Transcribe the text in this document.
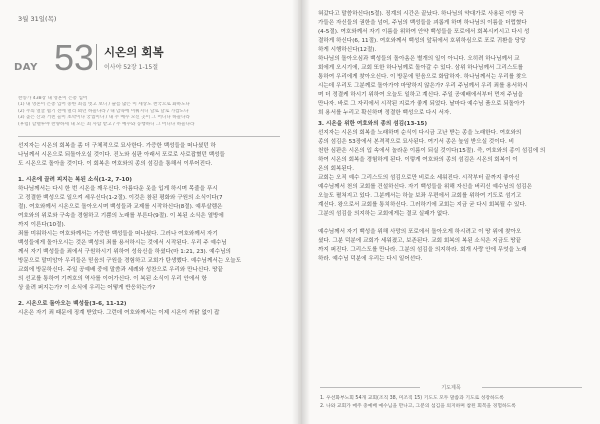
3월 31일(목)
DAY 53 시온의 회복
이사야 52장 1-15절
찬송가 438장 내 영혼이 은총 입어
(1) 내 영혼이 은총 입어 중한 죄짐 벗고 보니 / 슬픔 많은 이 세상도 천국으로 화하도다
(2) 주의 얼굴 뵙기 전에 멀리 뵈던 하늘나라 / 내 맘속에 이뤄지니 날로 날로 가깝도다
(3) 높은 산과 거친 들이 초막이나 궁궐이나 / 내 주 예수 모신 곳이 그 어디나 하늘나라
(후렴) 할렐루야 찬양하세 내 모든 죄 사함 받고 / 주 예수와 동행하니 그 어디나 하늘나라
선지자는 시온의 회복을 좀 더 구체적으로 묘사한다. 가증한 백성들을 떠나셨던 하
나님께서 시온으로 되돌아오실 것이다. 진노와 심판 아래서 포로로 사로잡혔던 백성들
도 시온으로 돌아올 것이다. 이 회복은 여호와의 종의 섬김을 통해서 이루어진다.
1. 시온에 끌려 피지는 복된 소식(1-2, 7-10)
하나님께서는 다시 한 번 시온을 깨우신다. 아름다운 옷을 입게 하시며 목줄을 푸시
고 정결한 백성으로 일으켜 세우신다(1-2절). 이것은 참된 평화와 구원의 소식이다(7
절). 여호와께서 시온으로 돌아오시며 백성들과 교제를 시작하신다(8절). 예루살렘은
여호와의 위로와 구속을 경험하고 기쁨의 노래를 부른다(9절). 이 복된 소식은 열방에
까지 이른다(10절).
죄를 미워하시는 여호와께서는 가증한 백성들을 떠나셨다. 그러나 여호와께서 자기
백성들에게 돌아오시는 것은 백성의 죄를 용서하시는 것에서 시작된다. 우리 주 예수님
께서 자기 백성들을 죄에서 구원하시기 위하여 성육신을 하셨다(마 1:21, 23). 예수님의
방문으로 말미암아 우리들은 믿음의 구원을 경험하고 교회가 탄생했다. 예수님께서는 오늘도
교회에 방문하신다. 주일 공예배 중에 말씀과 세례와 성찬으로 우리와 만나신다. 땅끝
의 선교를 통하여 기꺼호의 역사를 이어가신다. 이 복된 소식이 우리 안에서 항
상 울려 퍼지는가? 이 소식에 우리는 어떻게 반응하는가?
2. 시온으로 돌아오는 백성들(3-6, 11-12)
시온은 자기 죄 때문에 징계 받았다. 그런데 여호와께서는 이제 시온이 까닭 없이 잡
혀갔다고 말씀하신다(5절). 징계의 시간은 끝났다. 하나님의 약대가로 사용된 이방 국
가들은 자신들의 권한을 넘어, 주님의 백성들을 괴롭게 하며 하나님의 이름을 더럽혔다
(4-5절). 여호와께서 자기 이름을 위하여 안약 백성들을 포로에서 회복시키시고 다시 성
결하게 하신다(6, 11절). 여호와께서 백성의 앞뒤에서 호위하심으로 포로 귀환을 당당
하게 시행하신다(12절).
하나님의 돌아오심과 백성들의 돌아옴은 별개의 일이 아니다. 오히려 하나님께서 교
회에게 오시기에, 교회 또한 하나님께로 돌아갈 수 있다. 삼위 하나님께서 그리스도를
통하여 우리에게 찾아오신다. 이 방문에 믿음으로 화답하자. 하나님께서는 우리를 찾으
시는데 우리도 그분께로 돌아가야 마땅하지 않은가? 우리 주님께서 우리 죄를 용서하시
며 더 정결케 하시기 위하여 오늘도 일하고 계신다. 주일 공예배에서부터 먼저 주님을
만나자. 바로 그 자리에서 시작된 지료가 좋게 되었다. 날마다 예수님 품으로 되돌아가
희 용서를 누리고 확신하며 정결한 백성으로 다시 서자.
3. 시온을 위한 여호와의 종의 섬김(13-15)
선지자는 시온의 회복을 노래하며 순식이 다시금 고난 받는 종을 노래한다. 여호와의
종의 섬김은 53장에서 본격적으로 묘사된다. 여기서 종은 높임 받으실 것이다. 비
천한 심판은 시온의 입 속에서 놀라운 이름이 되실 것이다(15절). 즉, 여호와의 종이 섬김에 의
하여 시온의 회복을 경험하게 된다. 이렇게 여호와의 종의 섬김은 시온의 회복이 이
온의 회복된다.
교회는 오직 예수 그리스도의 섬김으로만 비로소 세워진다. 시작부터 끝까지 좋아신
예수님께서 천의 교회를 건설하신다. 자기 백성들을 위해 자신을 버리신 예수님의 섬김은
오늘도 펼쳐지고 있다. 그분께서는 하늘 보좌 우편에서 교회를 위하여 기도로 섬기고
계신다. 왕으로서 교회를 통치하신다. 그러하기에 교회는 지금 굳 다시 회복될 수 있다.
그분의 섬김을 의지하는 교회에게는 결코 실패가 없다.
예수님께서 자기 백성을 위해 사망의 포로에서 돌아오게 하시려고 이 땅 위에 찾아오
셨다. 그분 덕분에 교회가 세워졌고, 보존된다. 교회 회복의 복된 소식은 지금도 땅끝
까지 퍼진다. 그리스도를 만나라. 그분의 섬김을 의지하라. 회개 사랑 안에 무엇을 노래
하라. 예수님 덕분에 우리는 다시 일어선다.
기도제목
1. 우선화부노회 54개 교회(조직 38, 미조직 15) 기도도 모두 말씀과 기도로 성장하도록
2. 나와 교회가 매주 충예배 예수님을 만나고, 그분의 섬김을 의지하며 참된 회복을 경험하도록
